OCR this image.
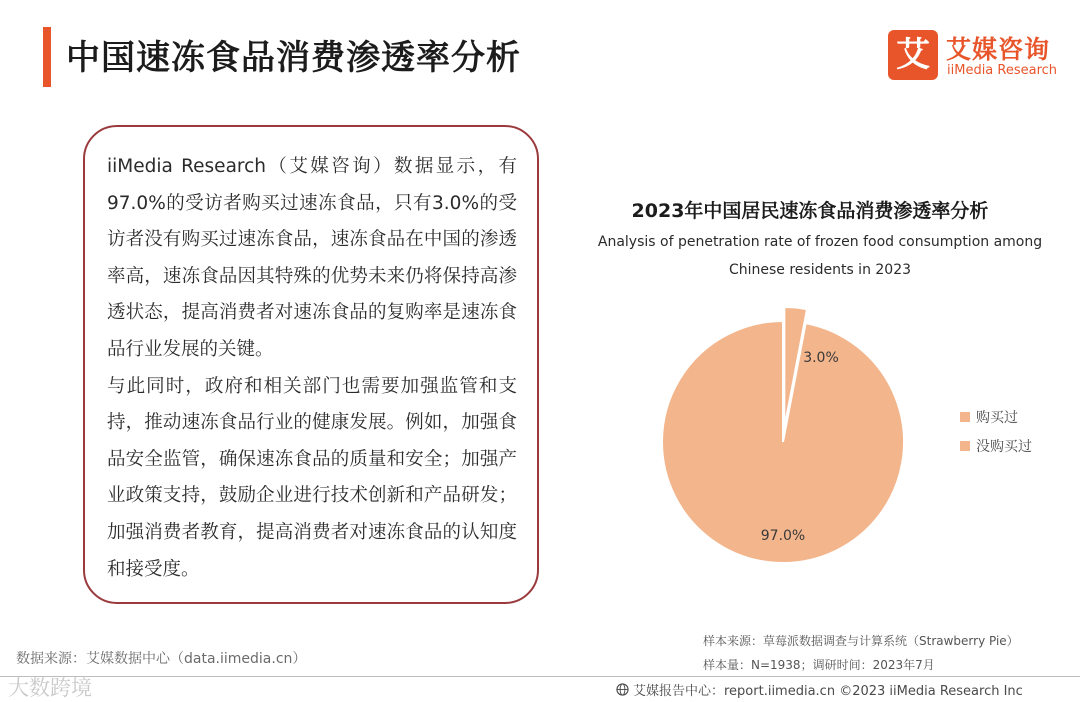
中国速冻食品消费渗透率分析	艾 艾媒咨询
iiMedia Research

iiMedia Research（艾媒咨询）数据显示，有97.0%的受访者购买过速冻食品，只有3.0%的受访者没有购买过速冻食品，速冻食品在中国的渗透率高，速冻食品因其特殊的优势未来仍将保持高渗透状态，提高消费者对速冻食品的复购率是速冻食品行业发展的关键。

与此同时，政府和相关部门也需要加强监管和支持，推动速冻食品行业的健康发展。例如，加强食品安全监管，确保速冻食品的质量和安全；加强产业政策支持，鼓励企业进行技术创新和产品研发；加强消费者教育，提高消费者对速冻食品的认知度和接受度。

数据来源：艾媒数据中心（data.iimedia.cn）
2023年中国居民速冻食品消费渗透率分析
Analysis of penetration rate of frozen food consumption among Chinese residents in 2023
97.0%
3.0%
购买过
没购买过
样本来源：草莓派数据调查与计算系统（Strawberry Pie）
样本量：N=1938；调研时间：2023年7月
大数跨境	艾媒报告中心：report.iimedia.cn ©2023 iiMedia Research Inc
